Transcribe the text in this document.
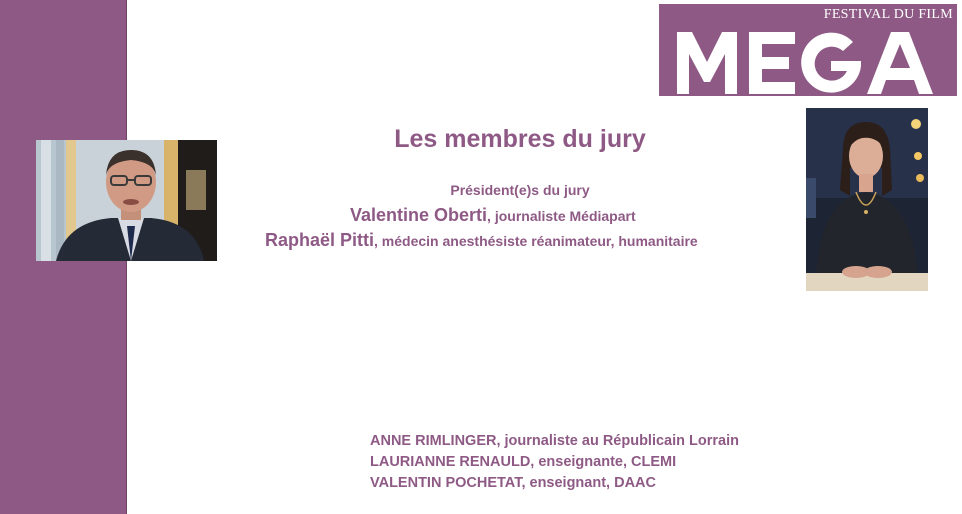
FESTIVAL DU FILM
COURT
Les membres du jury
Président(e)s du jury
Valentine Oberti, journaliste Médiapart
Raphaël Pitti, médecin anesthésiste réanimateur, humanitaire
ANNE RIMLINGER, journaliste au Républicain Lorrain
LAURIANNE RENAULD, enseignante, CLEMI
VALENTIN POCHETAT, enseignant, DAAC
